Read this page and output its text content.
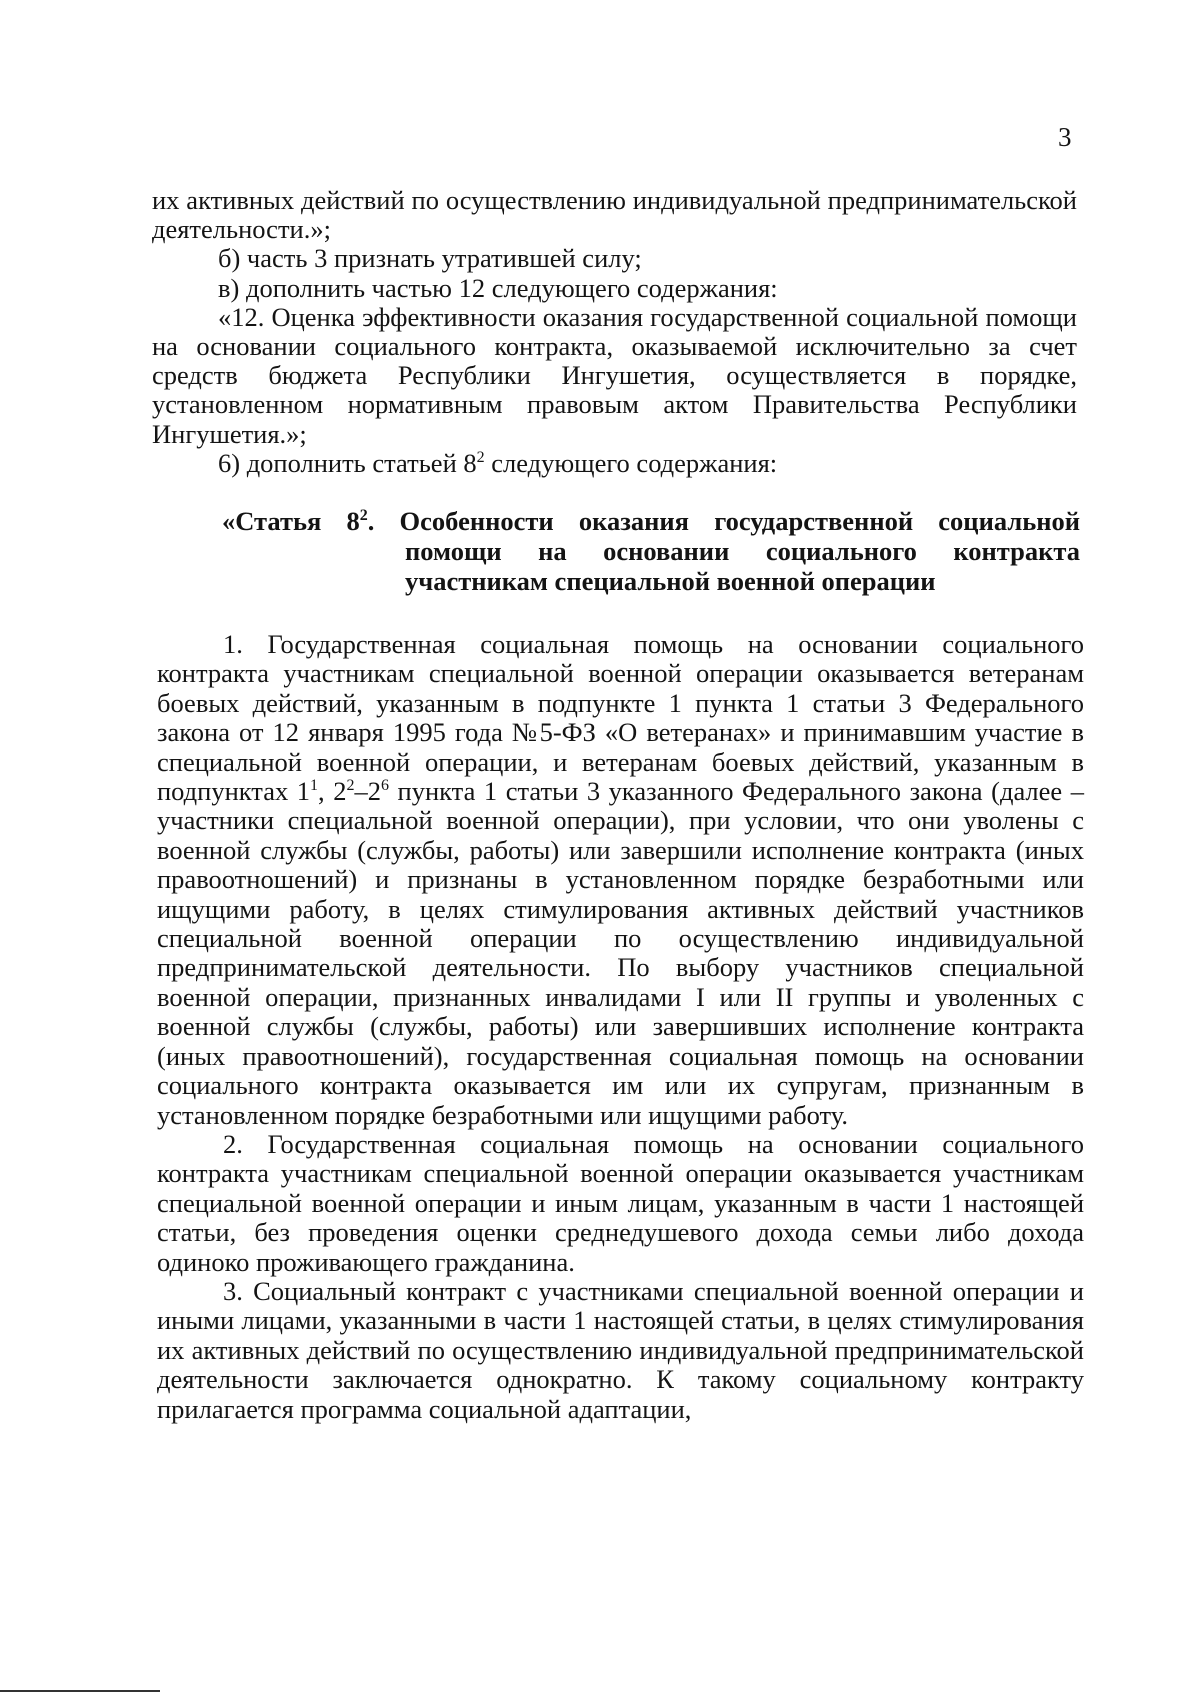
3

их активных действий по осуществлению индивидуальной предпринимательской деятельности.»;

б) часть 3 признать утратившей силу;

в) дополнить частью 12 следующего содержания:

«12. Оценка эффективности оказания государственной социальной помощи на основании социального контракта, оказываемой исключительно за счет средств бюджета Республики Ингушетия, осуществляется в порядке, установленном нормативным правовым актом Правительства Республики Ингушетия.»;

6) дополнить статьей $8^2$ следующего содержания:

«Статья $8^2$. Особенности оказания государственной социальной
помощи на основании социального контракта
участникам специальной военной операции

1. Государственная социальная помощь на основании социального контракта участникам специальной военной операции оказывается ветеранам боевых действий, указанным в подпункте 1 пункта 1 статьи 3 Федерального закона от 12 января 1995 года №5-ФЗ «О ветеранах» и принимавшим участие в специальной военной операции, и ветеранам боевых действий, указанным в подпунктах $1^1$, $2^2-2^6$ пункта 1 статьи 3 указанного Федерального закона (далее – участники специальной военной операции), при условии, что они уволены с военной службы (службы, работы) или завершили исполнение контракта (иных правоотношений) и признаны в установленном порядке безработными или ищущими работу, в целях стимулирования активных действий участников специальной военной операции по осуществлению индивидуальной предпринимательской деятельности. По выбору участников специальной военной операции, признанных инвалидами I или II группы и уволенных с военной службы (службы, работы) или завершивших исполнение контракта (иных правоотношений), государственная социальная помощь на основании социального контракта оказывается им или их супругам, признанным в установленном порядке безработными или ищущими работу.

2. Государственная социальная помощь на основании социального контракта участникам специальной военной операции оказывается участникам специальной военной операции и иным лицам, указанным в части 1 настоящей статьи, без проведения оценки среднедушевого дохода семьи либо дохода одиноко проживающего гражданина.

3. Социальный контракт с участниками специальной военной операции и иными лицами, указанными в части 1 настоящей статьи, в целях стимулирования их активных действий по осуществлению индивидуальной предпринимательской деятельности заключается однократно. К такому социальному контракту прилагается программа социальной адаптации,
